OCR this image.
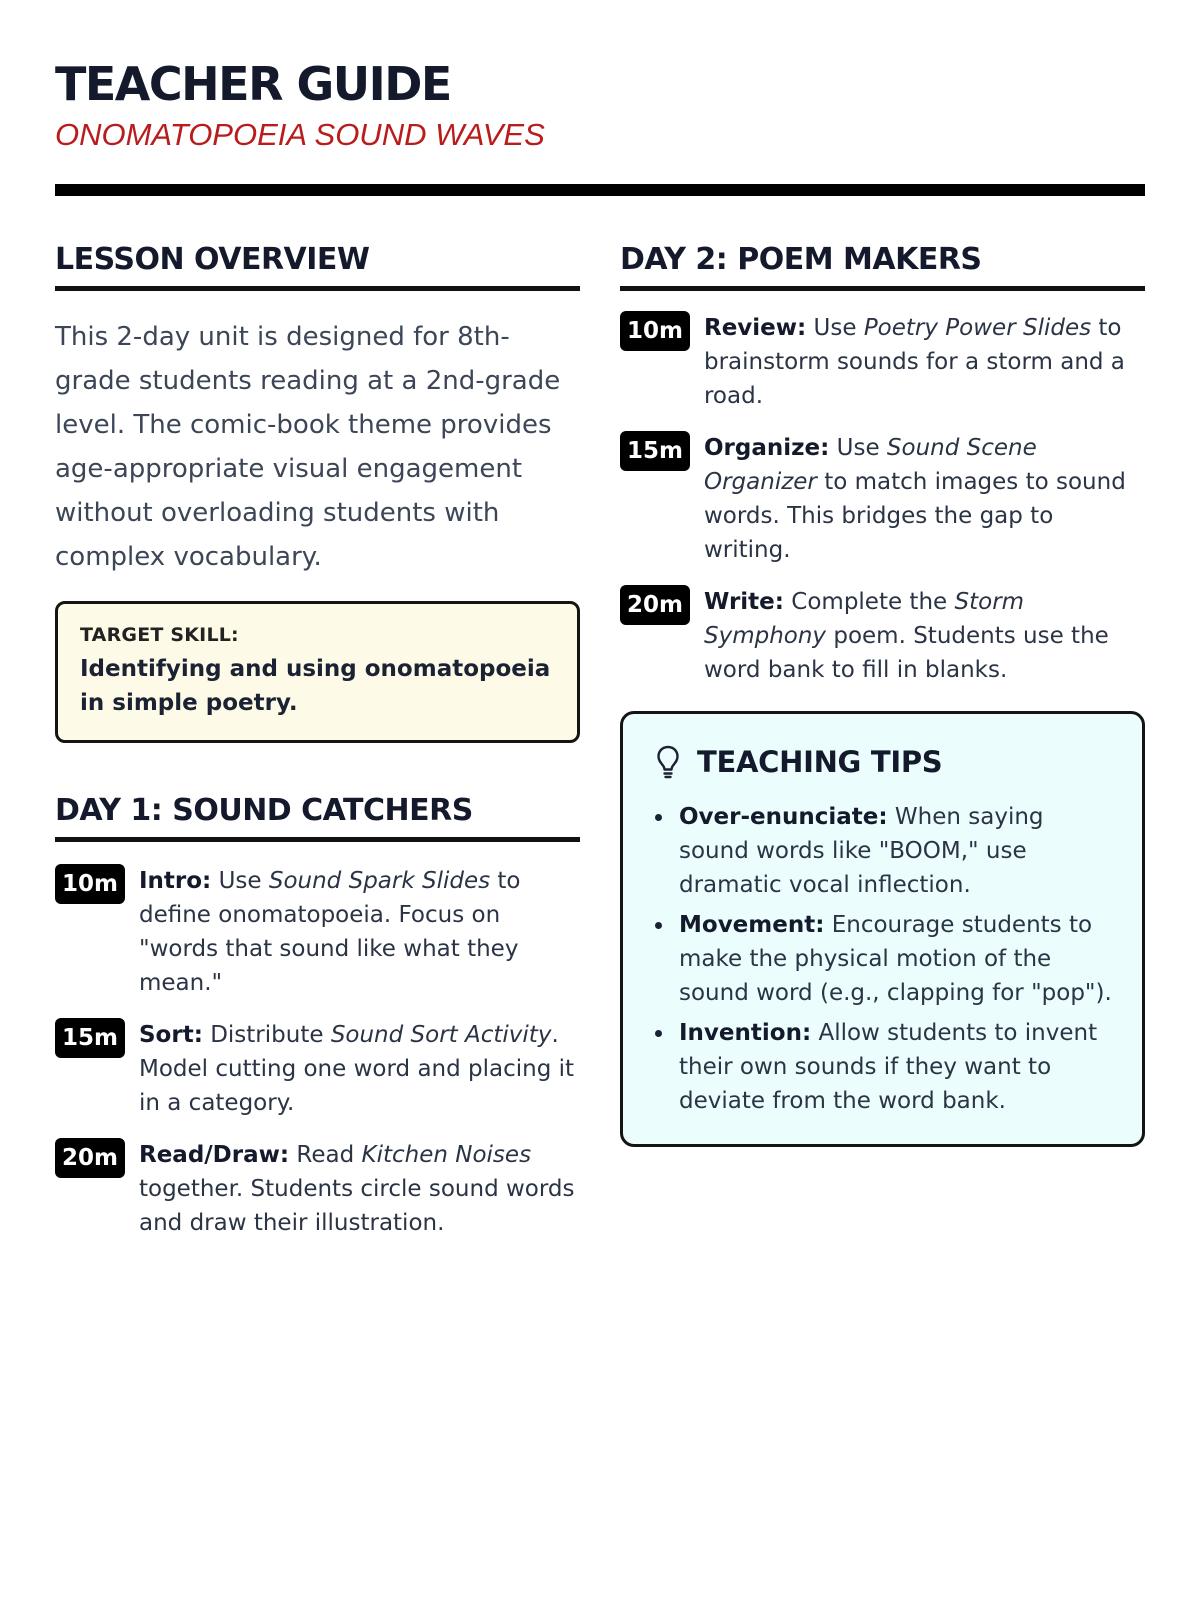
TEACHER GUIDE
ONOMATOPOEIA SOUND WAVES
LESSON OVERVIEW

This 2-day unit is designed for 8th-grade students reading at a 2nd-grade level. The comic-book theme provides age-appropriate visual engagement without overloading students with complex vocabulary.

TARGET SKILL:
Identifying and using onomatopoeia in simple poetry.
DAY 1: SOUND CATCHERS
10m Intro: Use Sound Spark Slides to define onomatopoeia. Focus on "words that sound like what they mean."
15m Sort: Distribute Sound Sort Activity. Model cutting one word and placing it in a category.
20m Read/Draw: Read Kitchen Noises together. Students circle sound words and draw their illustration.
DAY 2: POEM MAKERS
10m Review: Use Poetry Power Slides to brainstorm sounds for a storm and a road.
15m Organize: Use Sound Scene Organizer to match images to sound words. This bridges the gap to writing.
20m Write: Complete the Storm Symphony poem. Students use the word bank to fill in blanks.
TEACHING TIPS
Over-enunciate: When saying sound words like "BOOM," use dramatic vocal inflection.
Movement: Encourage students to make the physical motion of the sound word (e.g., clapping for "pop").
Invention: Allow students to invent their own sounds if they want to deviate from the word bank.
